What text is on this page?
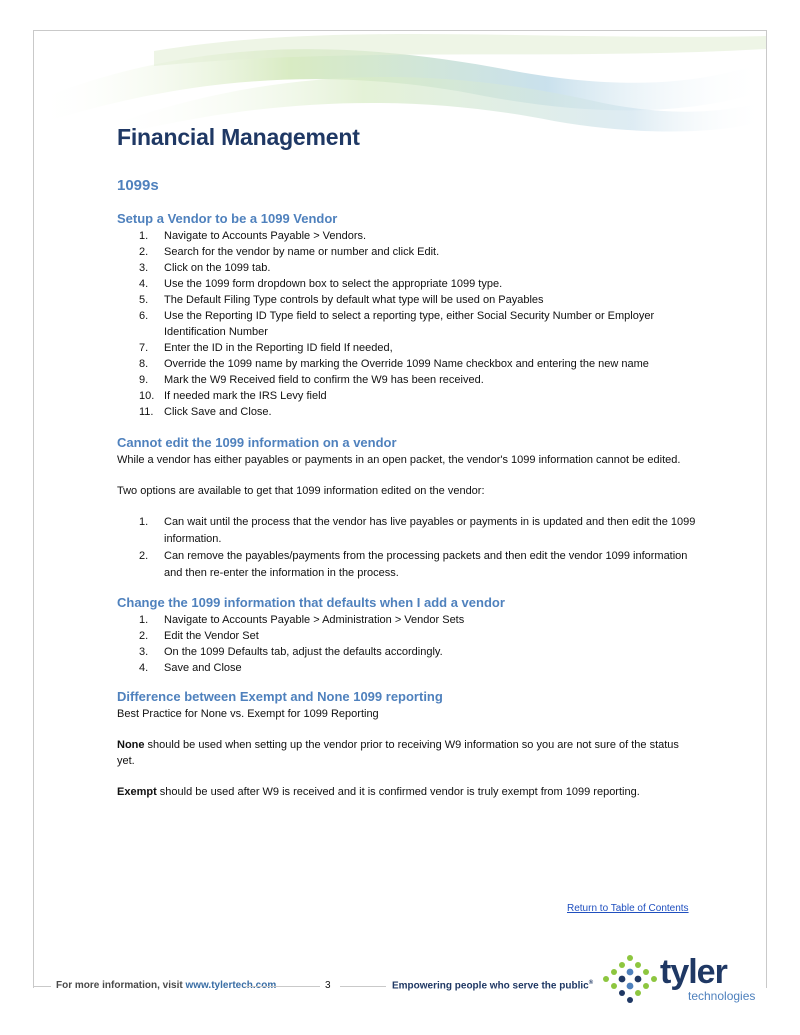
Financial Management
1099s
Setup a Vendor to be a 1099 Vendor
1. Navigate to Accounts Payable > Vendors.
2. Search for the vendor by name or number and click Edit.
3. Click on the 1099 tab.
4. Use the 1099 form dropdown box to select the appropriate 1099 type.
5. The Default Filing Type controls by default what type will be used on Payables
6. Use the Reporting ID Type field to select a reporting type, either Social Security Number or Employer Identification Number
7. Enter the ID in the Reporting ID field If needed,
8. Override the 1099 name by marking the Override 1099 Name checkbox and entering the new name
9. Mark the W9 Received field to confirm the W9 has been received.
10. If needed mark the IRS Levy field
11. Click Save and Close.
Cannot edit the 1099 information on a vendor

While a vendor has either payables or payments in an open packet, the vendor's 1099 information cannot be edited.

Two options are available to get that 1099 information edited on the vendor:

1. Can wait until the process that the vendor has live payables or payments in is updated and then edit the 1099 information.
2. Can remove the payables/payments from the processing packets and then edit the vendor 1099 information and then re-enter the information in the process.
Change the 1099 information that defaults when I add a vendor
1. Navigate to Accounts Payable > Administration > Vendor Sets
2. Edit the Vendor Set
3. On the 1099 Defaults tab, adjust the defaults accordingly.
4. Save and Close
Difference between Exempt and None 1099 reporting

Best Practice for None vs. Exempt for 1099 Reporting

None should be used when setting up the vendor prior to receiving W9 information so you are not sure of the status yet.

Exempt should be used after W9 is received and it is confirmed vendor is truly exempt from 1099 reporting.

Return to Table of Contents
For more information, visit www.tylertech.com	3	Empowering people who serve the public® tyler
technologies
